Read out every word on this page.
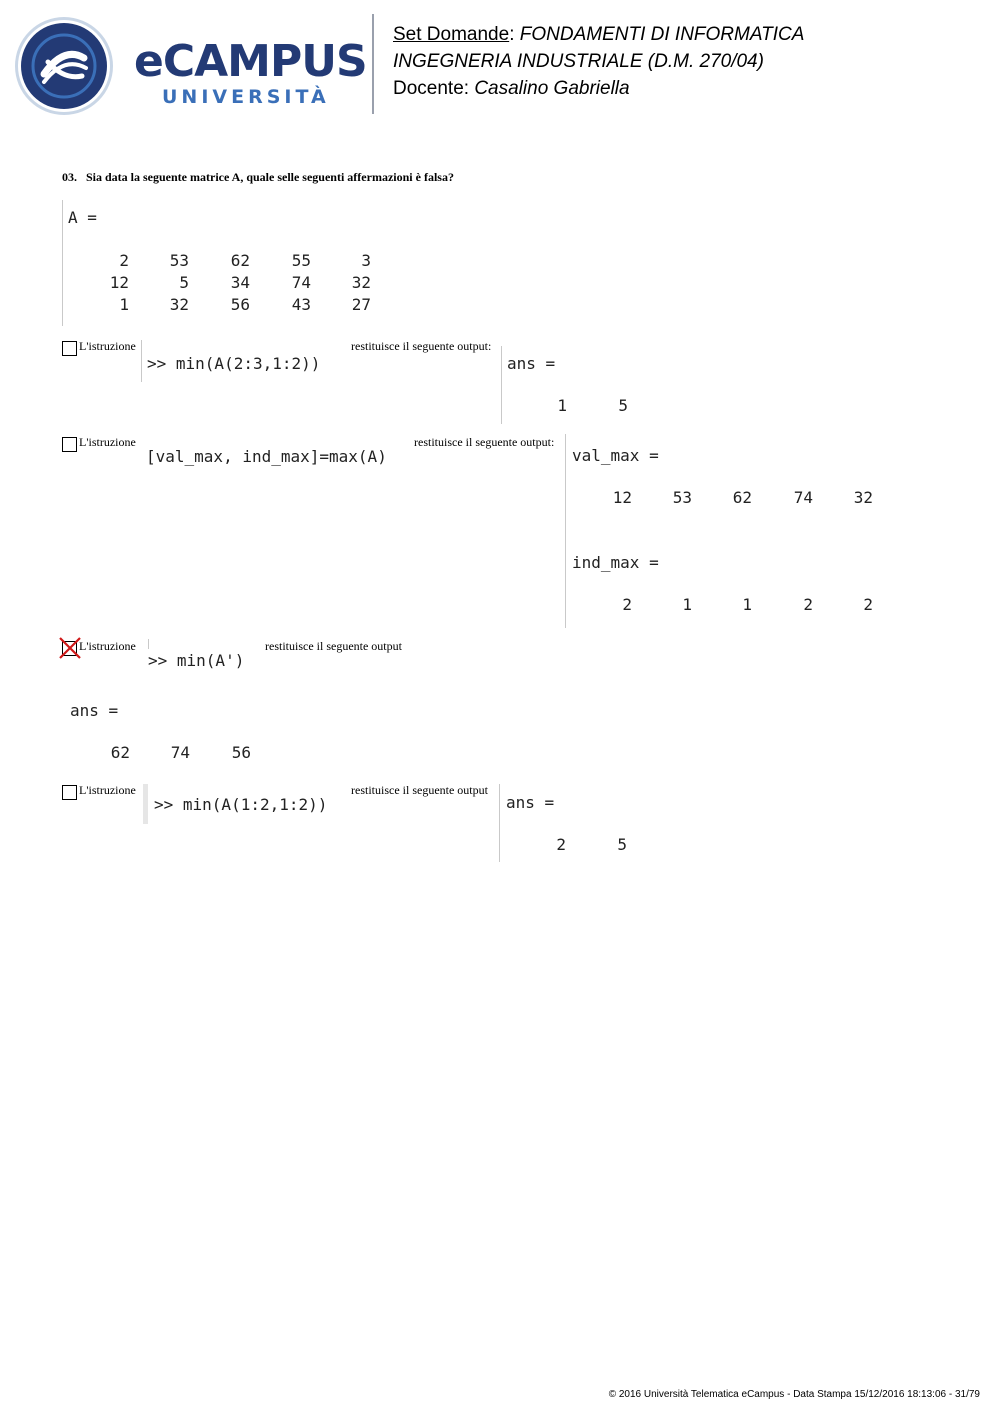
eCAMPUS
UNIVERSITÀ
Set Domande: FONDAMENTI DI INFORMATICA
INGEGNERIA INDUSTRIALE (D.M. 270/04)
Docente: Casalino Gabriella
03. Sia data la seguente matrice A, quale selle seguenti affermazioni è falsa?
A =
2	53	62	55	3
12	5	34	74	32
1	32	56	43	27
L'istruzione
>> min(A(2:3,1:2))
restituisce il seguente output:
ans =
1	5
L'istruzione
[val_max, ind_max]=max(A)
restituisce il seguente output:
val_max =
12	53	62	74	32
ind_max =
2	1	1	2	2
L'istruzione
>> min(A')
restituisce il seguente output
ans =
62	74	56
L'istruzione
>> min(A(1:2,1:2))
restituisce il seguente output
ans =
2	5
© 2016 Università Telematica eCampus - Data Stampa 15/12/2016 18:13:06 - 31/79
